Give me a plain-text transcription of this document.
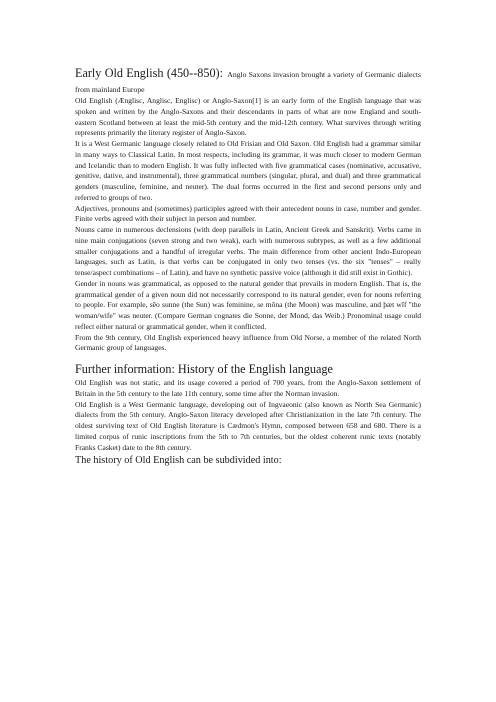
Early Old English (450--850): Anglo Saxons invasion brought a variety of Germanic dialects from mainland Europe

Old English (Ænglisc, Anglisc, Englisc) or Anglo-Saxon[1] is an early form of the English language that was spoken and written by the Anglo-Saxons and their descendants in parts of what are now England and south-eastern Scotland between at least the mid-5th century and the mid-12th century. What survives through writing represents primarily the literary register of Anglo-Saxon.

It is a West Germanic language closely related to Old Frisian and Old Saxon. Old English had a grammar similar in many ways to Classical Latin. In most respects, including its grammar, it was much closer to modern German and Icelandic than to modern English. It was fully inflected with five grammatical cases (nominative, accusative, genitive, dative, and instrumental), three grammatical numbers (singular, plural, and dual) and three grammatical genders (masculine, feminine, and neuter). The dual forms occurred in the first and second persons only and referred to groups of two.

Adjectives, pronouns and (sometimes) participles agreed with their antecedent nouns in case, number and gender. Finite verbs agreed with their subject in person and number.

Nouns came in numerous declensions (with deep parallels in Latin, Ancient Greek and Sanskrit). Verbs came in nine main conjugations (seven strong and two weak), each with numerous subtypes, as well as a few additional smaller conjugations and a handful of irregular verbs. The main difference from other ancient Indo-European languages, such as Latin, is that verbs can be conjugated in only two tenses (vs. the six "tenses" – really tense/aspect combinations – of Latin), and have no synthetic passive voice (although it did still exist in Gothic).

Gender in nouns was grammatical, as opposed to the natural gender that prevails in modern English. That is, the grammatical gender of a given noun did not necessarily correspond to its natural gender, even for nouns referring to people. For example, sēo sunne (the Sun) was feminine, se mōna (the Moon) was masculine, and þæt wīf "the woman/wife" was neuter. (Compare German cognates die Sonne, der Mond, das Weib.) Pronominal usage could reflect either natural or grammatical gender, when it conflicted.

From the 9th century, Old English experienced heavy influence from Old Norse, a member of the related North Germanic group of languages.

Further information: History of the English language

Old English was not static, and its usage covered a period of 700 years, from the Anglo-Saxon settlement of Britain in the 5th century to the late 11th century, some time after the Norman invasion.

Old English is a West Germanic language, developing out of Ingvaeonic (also known as North Sea Germanic) dialects from the 5th century. Anglo-Saxon literacy developed after Christianization in the late 7th century. The oldest surviving text of Old English literature is Cædmon's Hymn, composed between 658 and 680. There is a limited corpus of runic inscriptions from the 5th to 7th centuries, but the oldest coherent runic texts (notably Franks Casket) date to the 8th century.

The history of Old English can be subdivided into:
